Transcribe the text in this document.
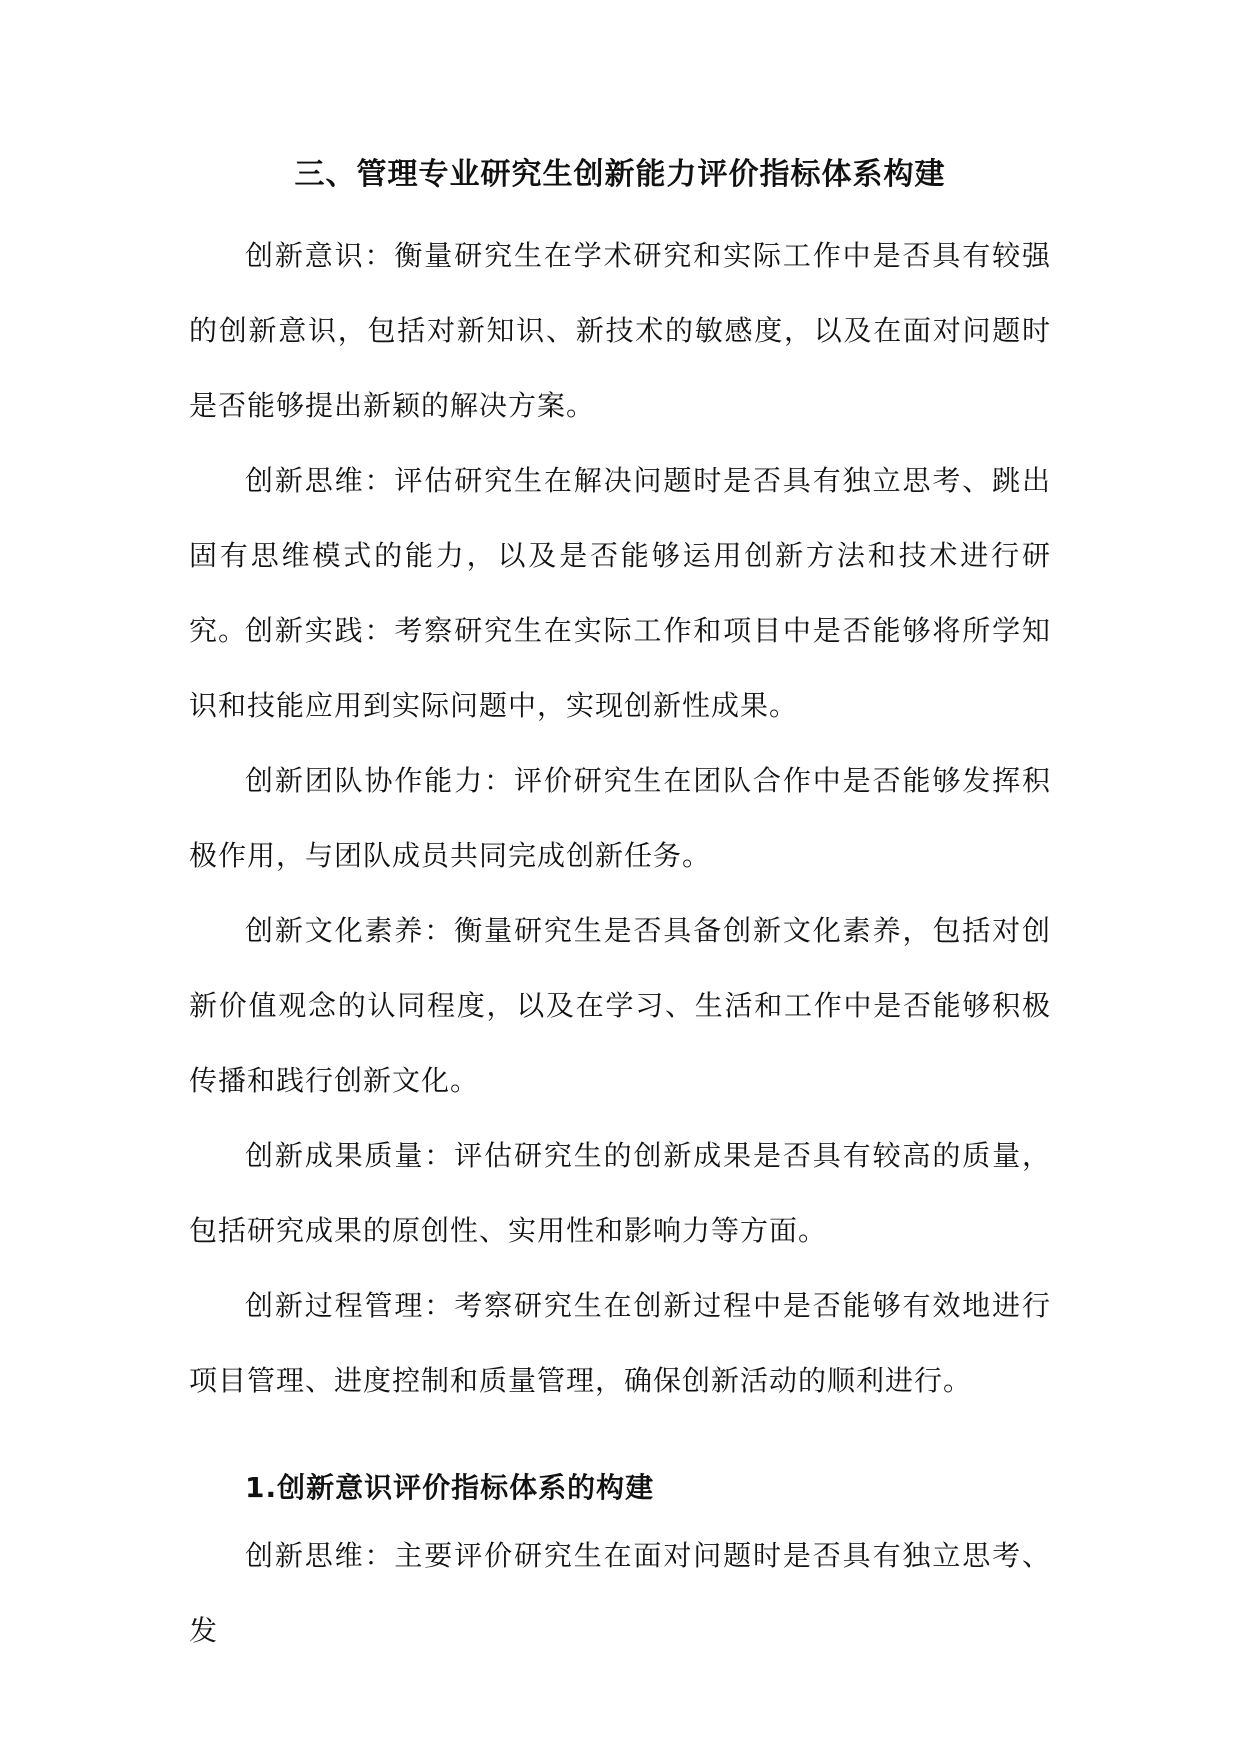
三、管理专业研究生创新能力评价指标体系构建

创新意识：衡量研究生在学术研究和实际工作中是否具有较强的创新意识，包括对新知识、新技术的敏感度，以及在面对问题时是否能够提出新颖的解决方案。

创新思维：评估研究生在解决问题时是否具有独立思考、跳出固有思维模式的能力，以及是否能够运用创新方法和技术进行研究。

创新实践：考察研究生在实际工作和项目中是否能够将所学知识和技能应用到实际问题中，实现创新性成果。

创新团队协作能力：评价研究生在团队合作中是否能够发挥积极作用，与团队成员共同完成创新任务。

创新文化素养：衡量研究生是否具备创新文化素养，包括对创新价值观念的认同程度，以及在学习、生活和工作中是否能够积极传播和践行创新文化。

创新成果质量：评估研究生的创新成果是否具有较高的质量，包括研究成果的原创性、实用性和影响力等方面。

创新过程管理：考察研究生在创新过程中是否能够有效地进行项目管理、进度控制和质量管理，确保创新活动的顺利进行。

1.创新意识评价指标体系的构建

创新思维：主要评价研究生在面对问题时是否具有独立思考、发
